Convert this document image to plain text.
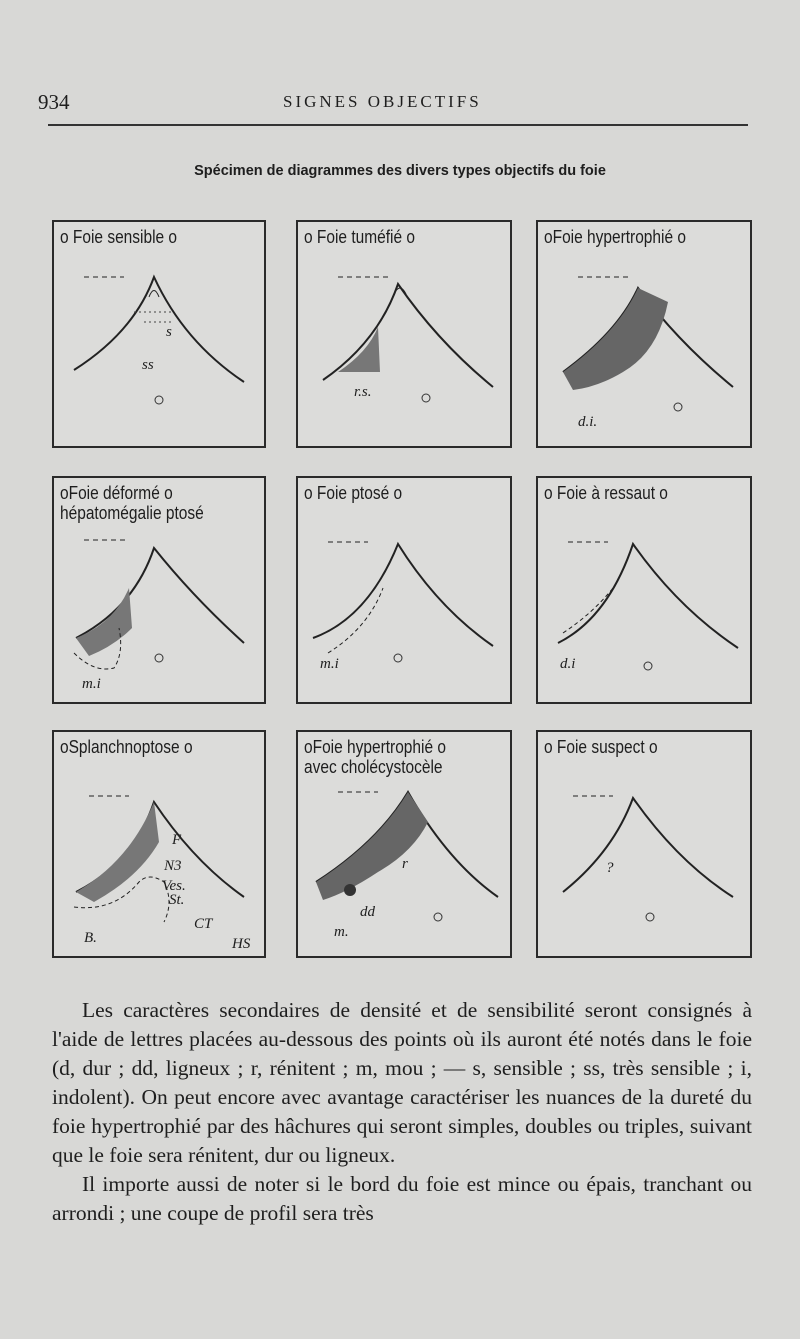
934	SIGNES OBJECTIFS
Spécimen de diagrammes des divers types objectifs du foie
o Foie sensible o
s
ss
o Foie tuméfié o
r.s.
oFoie hypertrophié o
d.i.
oFoie déformé o
hépatomégalie ptosé
m.i
o Foie ptosé o
m.i
o Foie à ressaut o
d.i
oSplanchnoptose o
F
N3
Ves.
St.
CT
B.	HS
oFoie hypertrophié o
avec cholécystocèle
r
dd
m.
o Foie suspect o
?

Les caractères secondaires de densité et de sensibilité seront consignés à l'aide de lettres placées au-dessous des points où ils auront été notés dans le foie (d, dur ; dd, ligneux ; r, rénitent ; m, mou ; — s, sensible ; ss, très sensible ; i, indolent). On peut encore avec avantage caractériser les nuances de la dureté du foie hypertrophié par des hâchures qui seront simples, doubles ou triples, suivant que le foie sera rénitent, dur ou ligneux.

Il importe aussi de noter si le bord du foie est mince ou épais, tranchant ou arrondi ; une coupe de profil sera très
